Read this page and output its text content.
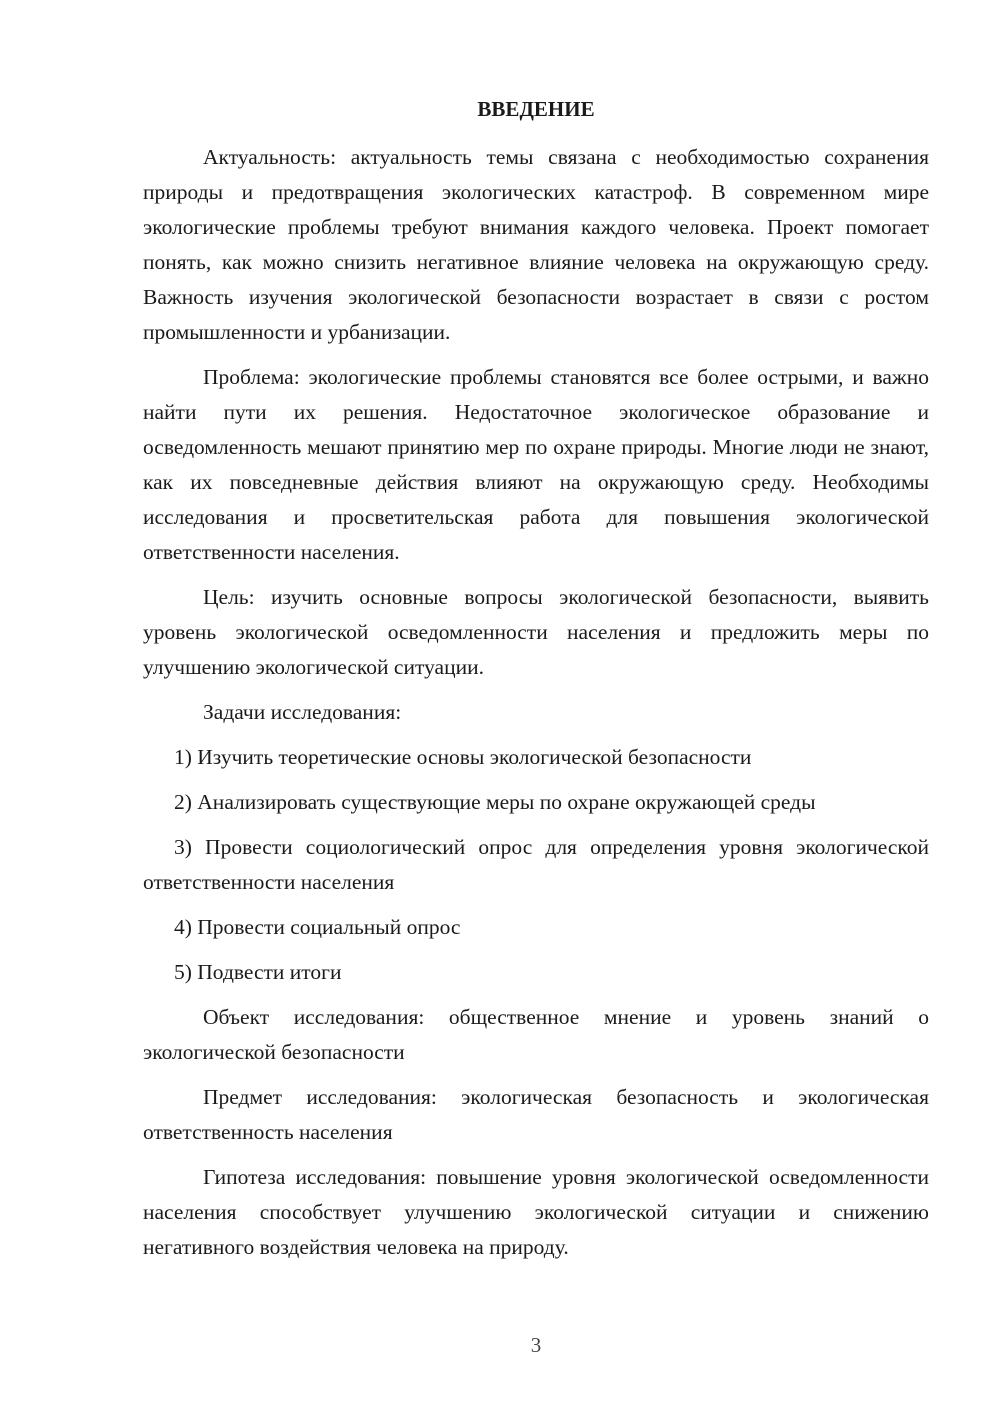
ВВЕДЕНИЕ

Актуальность: актуальность темы связана с необходимостью сохранения природы и предотвращения экологических катастроф. В современном мире экологические проблемы требуют внимания каждого человека. Проект помогает понять, как можно снизить негативное влияние человека на окружающую среду. Важность изучения экологической безопасности возрастает в связи с ростом промышленности и урбанизации.

Проблема: экологические проблемы становятся все более острыми, и важно найти пути их решения. Недостаточное экологическое образование и осведомленность мешают принятию мер по охране природы. Многие люди не знают, как их повседневные действия влияют на окружающую среду. Необходимы исследования и просветительская работа для повышения экологической ответственности населения.

Цель: изучить основные вопросы экологической безопасности, выявить уровень экологической осведомленности населения и предложить меры по улучшению экологической ситуации.

Задачи исследования:

1) Изучить теоретические основы экологической безопасности

2) Анализировать существующие меры по охране окружающей среды

3) Провести социологический опрос для определения уровня экологической ответственности населения

4) Провести социальный опрос

5) Подвести итоги

Объект исследования: общественное мнение и уровень знаний о экологической безопасности

Предмет исследования: экологическая безопасность и экологическая ответственность населения

Гипотеза исследования: повышение уровня экологической осведомленности населения способствует улучшению экологической ситуации и снижению негативного воздействия человека на природу.

3
